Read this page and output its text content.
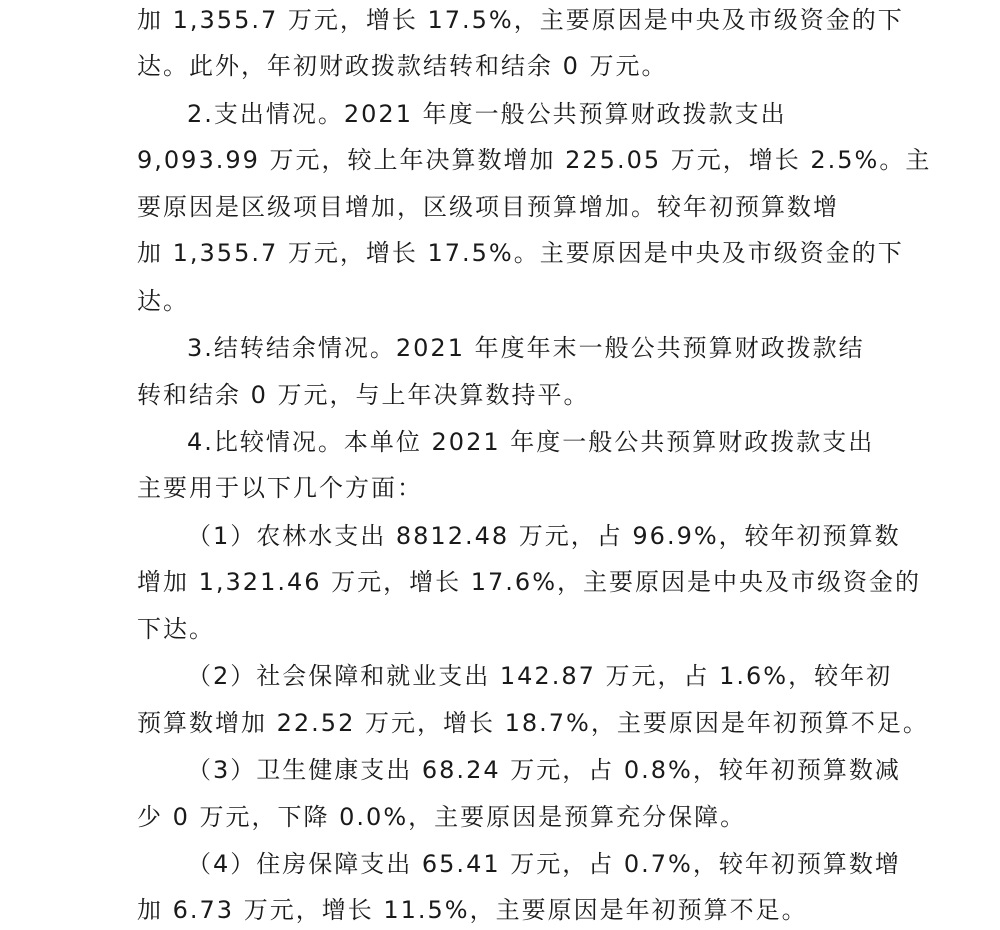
加 1,355.7 万元，增长 17.5%，主要原因是中央及市级资金的下
达。此外，年初财政拨款结转和结余 0 万元。
2.支出情况。2021 年度一般公共预算财政拨款支出
9,093.99 万元，较上年决算数增加 225.05 万元，增长 2.5%。主
要原因是区级项目增加，区级项目预算增加。较年初预算数增
加 1,355.7 万元，增长 17.5%。主要原因是中央及市级资金的下
达。
3.结转结余情况。2021 年度年末一般公共预算财政拨款结
转和结余 0 万元，与上年决算数持平。
4.比较情况。本单位 2021 年度一般公共预算财政拨款支出
主要用于以下几个方面：
（1）农林水支出 8812.48 万元，占 96.9%，较年初预算数
增加 1,321.46 万元，增长 17.6%，主要原因是中央及市级资金的
下达。
（2）社会保障和就业支出 142.87 万元，占 1.6%，较年初
预算数增加 22.52 万元，增长 18.7%，主要原因是年初预算不足。
（3）卫生健康支出 68.24 万元，占 0.8%，较年初预算数减
少 0 万元，下降 0.0%，主要原因是预算充分保障。
（4）住房保障支出 65.41 万元，占 0.7%，较年初预算数增
加 6.73 万元，增长 11.5%，主要原因是年初预算不足。
